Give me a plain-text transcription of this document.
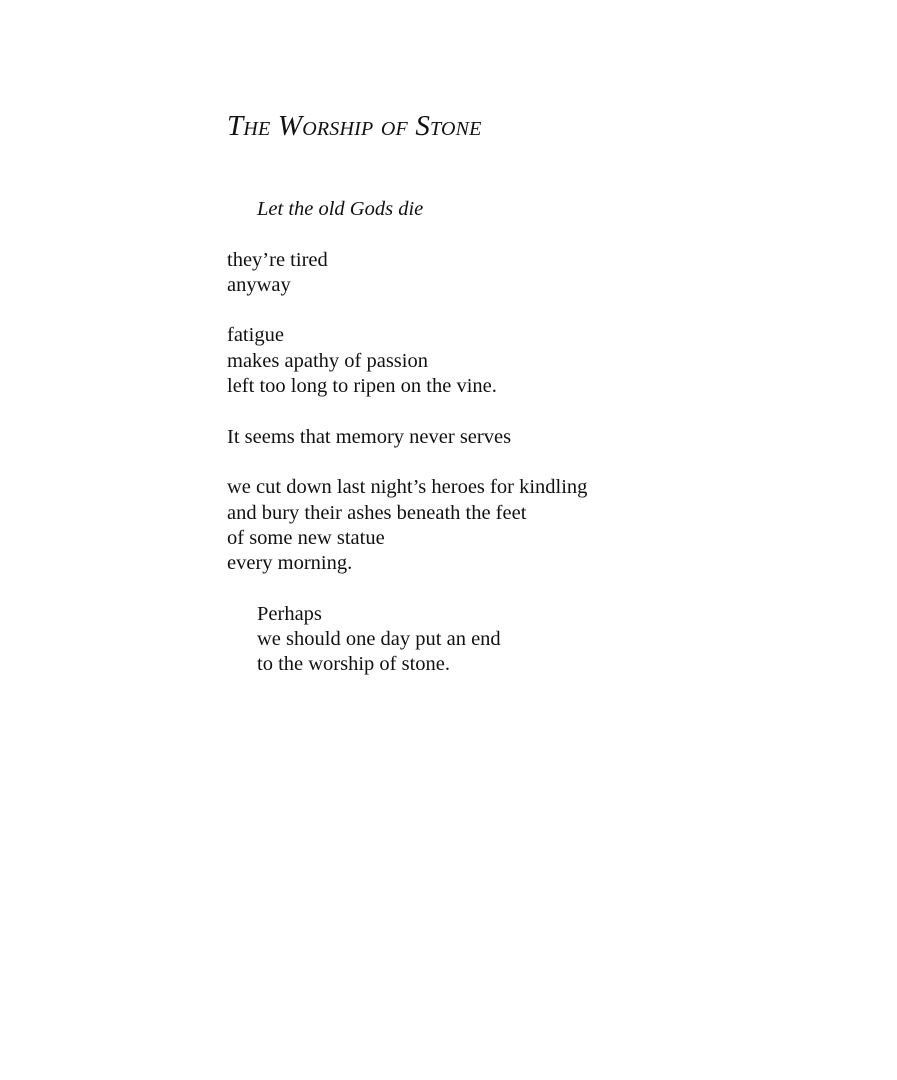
The Worship of Stone
Let the old Gods die
they’re tired
anyway
fatigue
makes apathy of passion
left too long to ripen on the vine.
It seems that memory never serves
we cut down last night’s heroes for kindling
and bury their ashes beneath the feet
of some new statue
every morning.
Perhaps
we should one day put an end
to the worship of stone.
